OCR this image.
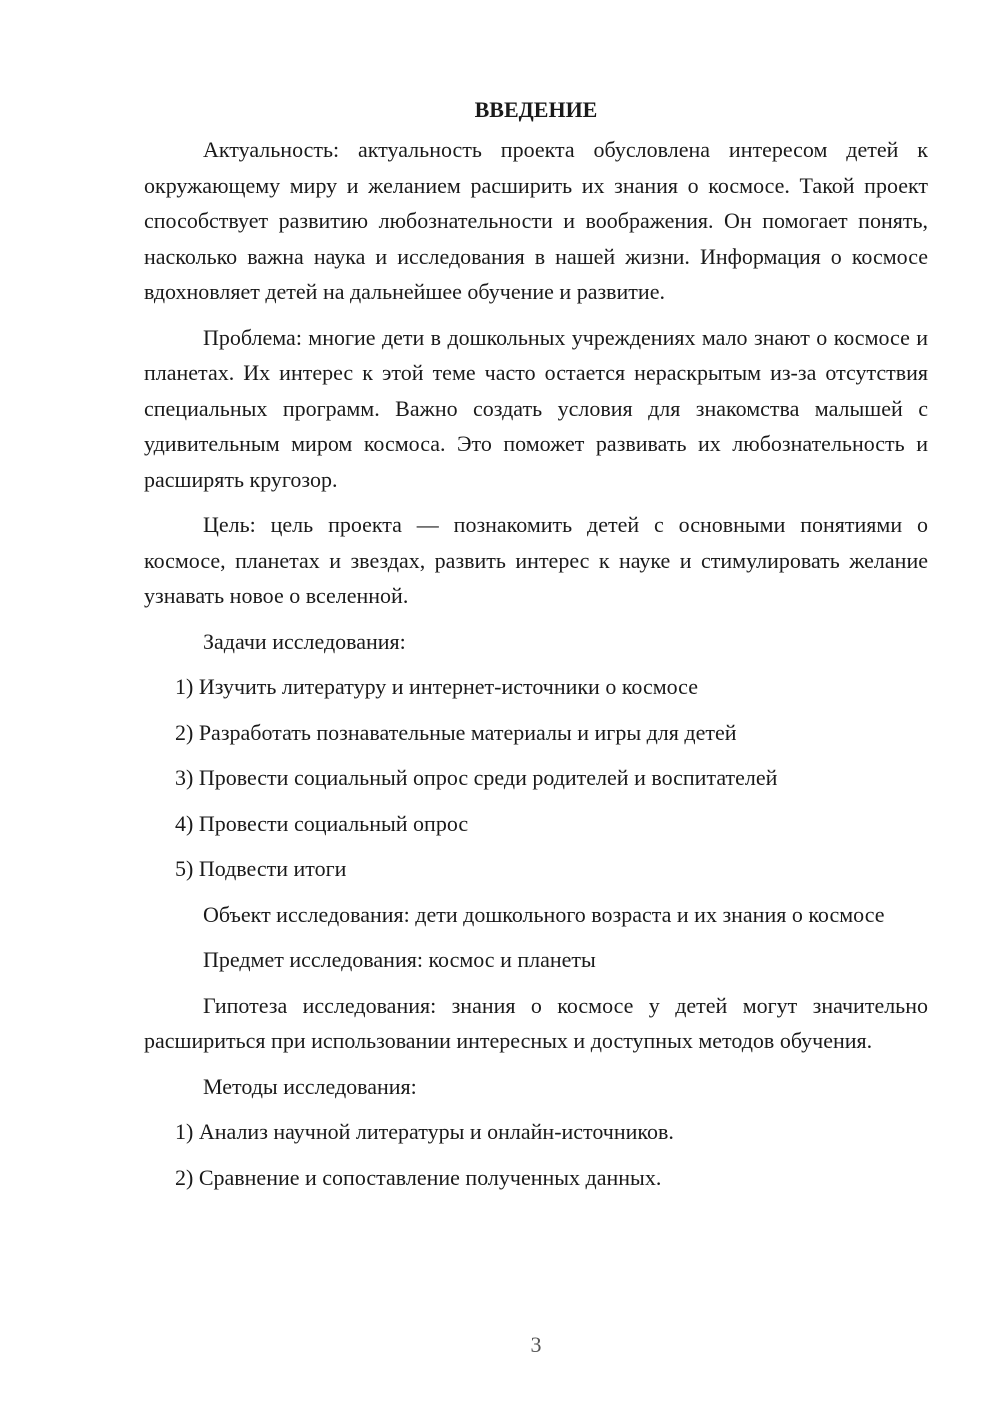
ВВЕДЕНИЕ

Актуальность: актуальность проекта обусловлена интересом детей к окружающему миру и желанием расширить их знания о космосе. Такой проект способствует развитию любознательности и воображения. Он помогает понять, насколько важна наука и исследования в нашей жизни. Информация о космосе вдохновляет детей на дальнейшее обучение и развитие.

Проблема: многие дети в дошкольных учреждениях мало знают о космосе и планетах. Их интерес к этой теме часто остается нераскрытым из-за отсутствия специальных программ. Важно создать условия для знакомства малышей с удивительным миром космоса. Это поможет развивать их любознательность и расширять кругозор.

Цель: цель проекта — познакомить детей с основными понятиями о космосе, планетах и звездах, развить интерес к науке и стимулировать желание узнавать новое о вселенной.

Задачи исследования:
1) Изучить литературу и интернет-источники о космосе
2) Разработать познавательные материалы и игры для детей
3) Провести социальный опрос среди родителей и воспитателей
4) Провести социальный опрос
5) Подвести итоги

Объект исследования: дети дошкольного возраста и их знания о космосе

Предмет исследования: космос и планеты

Гипотеза исследования: знания о космосе у детей могут значительно расшириться при использовании интересных и доступных методов обучения.

Методы исследования:
1) Анализ научной литературы и онлайн-источников.
2) Сравнение и сопоставление полученных данных.
3
